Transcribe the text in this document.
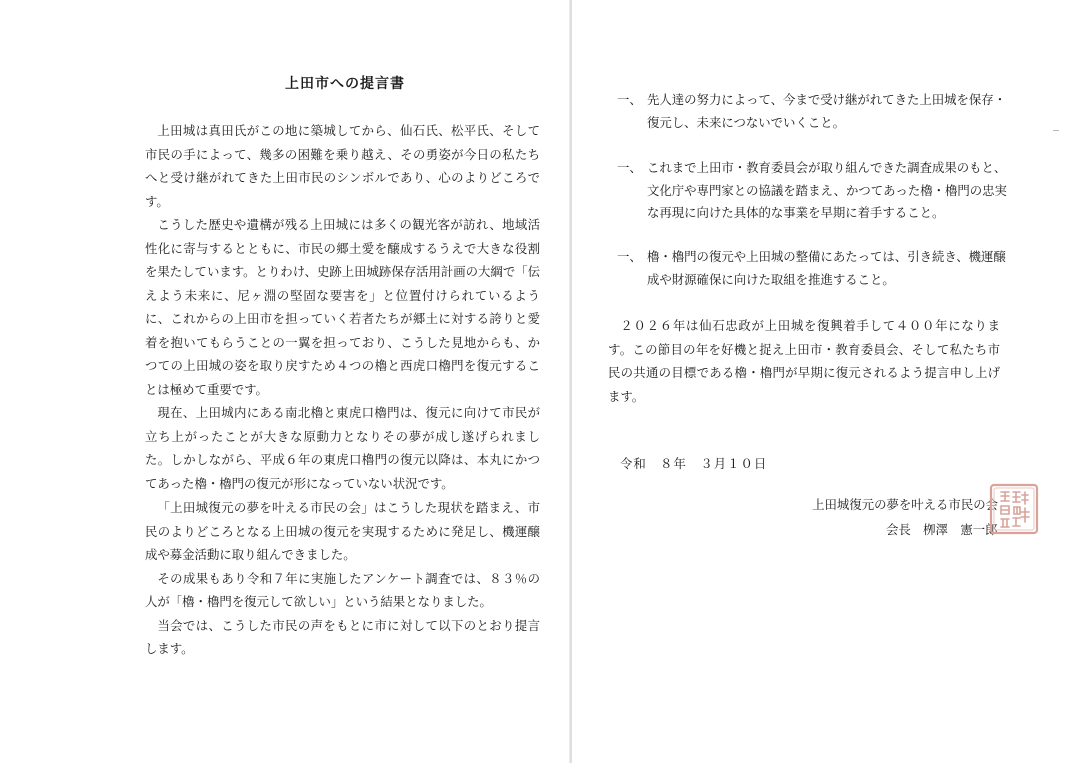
上田市への提言書

上田城は真田氏がこの地に築城してから、仙石氏、松平氏、そして市民の手によって、幾多の困難を乗り越え、その勇姿が今日の私たちへと受け継がれてきた上田市民のシンボルであり、心のよりどころです。

こうした歴史や遺構が残る上田城には多くの観光客が訪れ、地域活性化に寄与するとともに、市民の郷土愛を醸成するうえで大きな役割を果たしています。とりわけ、史跡上田城跡保存活用計画の大綱で「伝えよう未来に、尼ヶ淵の堅固な要害を」と位置付けられているように、これからの上田市を担っていく若者たちが郷土に対する誇りと愛着を抱いてもらうことの一翼を担っており、こうした見地からも、かつての上田城の姿を取り戻すため４つの櫓と西虎口櫓門を復元することは極めて重要です。

現在、上田城内にある南北櫓と東虎口櫓門は、復元に向けて市民が立ち上がったことが大きな原動力となりその夢が成し遂げられました。しかしながら、平成６年の東虎口櫓門の復元以降は、本丸にかつてあった櫓・櫓門の復元が形になっていない状況です。

「上田城復元の夢を叶える市民の会」はこうした現状を踏まえ、市民のよりどころとなる上田城の復元を実現するために発足し、機運醸成や募金活動に取り組んできました。

その成果もあり令和７年に実施したアンケート調査では、８３％の人が「櫓・櫓門を復元して欲しい」という結果となりました。

当会では、こうした市民の声をもとに市に対して以下のとおり提言します。

一、 先人達の努力によって、今まで受け継がれてきた上田城を保存・復元し、未来につないでいくこと。
一、 これまで上田市・教育委員会が取り組んできた調査成果のもと、文化庁や専門家との協議を踏まえ、かつてあった櫓・櫓門の忠実な再現に向けた具体的な事業を早期に着手すること。
一、 櫓・櫓門の復元や上田城の整備にあたっては、引き続き、機運醸成や財源確保に向けた取組を推進すること。
２０２６年は仙石忠政が上田城を復興着手して４００年になります。この節目の年を好機と捉え上田市・教育委員会、そして私たち市民の共通の目標である櫓・櫓門が早期に復元されるよう提言申し上げます。
令和　８年　３月１０日
上田城復元の夢を叶える市民の会
会長　栁澤　憲一郎
